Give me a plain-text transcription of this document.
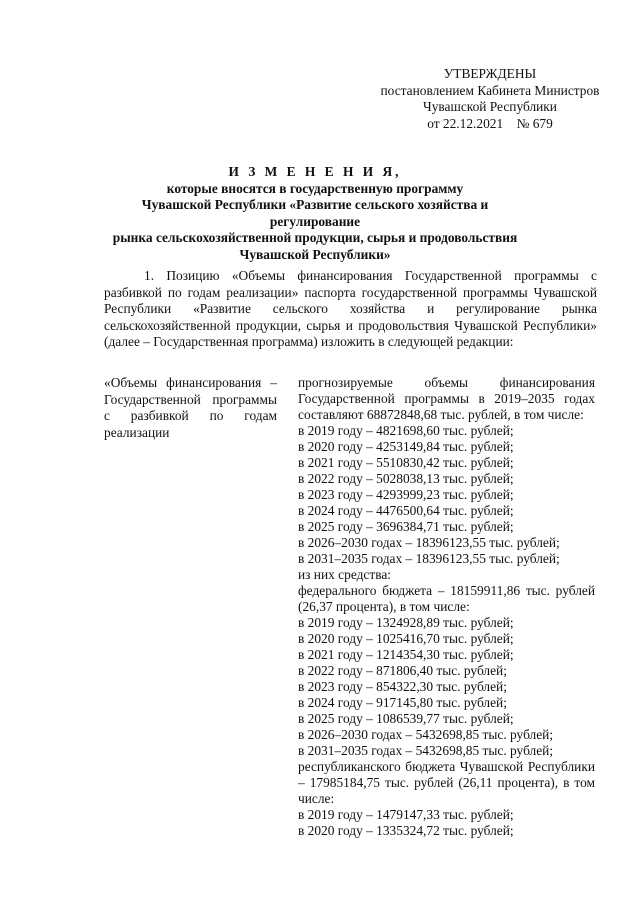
УТВЕРЖДЕНЫ
постановлением Кабинета Министров
Чувашской Республики
от 22.12.2021    № 679
И З М Е Н Е Н И Я,
которые вносятся в государственную программу
Чувашской Республики «Развитие сельского хозяйства и регулирование
рынка сельскохозяйственной продукции, сырья и продовольствия
Чувашской Республики»

1. Позицию «Объемы финансирования Государственной программы с разбивкой по годам реализации» паспорта государственной программы Чувашской Республики «Развитие сельского хозяйства и регулирование рынка сельскохозяйственной продукции, сырья и продовольствия Чувашской Республики» (далее – Государственная программа) изложить в следующей редакции:

«Объемы финансирования – Государственной программы с разбивкой по годам реализации
прогнозируемые объемы финансирования Государственной программы в 2019–2035 годах составляют 68872848,68 тыс. рублей, в том числе:
в 2019 году – 4821698,60 тыс. рублей;
в 2020 году – 4253149,84 тыс. рублей;
в 2021 году – 5510830,42 тыс. рублей;
в 2022 году – 5028038,13 тыс. рублей;
в 2023 году – 4293999,23 тыс. рублей;
в 2024 году – 4476500,64 тыс. рублей;
в 2025 году – 3696384,71 тыс. рублей;
в 2026–2030 годах – 18396123,55 тыс. рублей;
в 2031–2035 годах – 18396123,55 тыс. рублей;
из них средства:
федерального бюджета – 18159911,86 тыс. рублей (26,37 процента), в том числе:
в 2019 году – 1324928,89 тыс. рублей;
в 2020 году – 1025416,70 тыс. рублей;
в 2021 году – 1214354,30 тыс. рублей;
в 2022 году – 871806,40 тыс. рублей;
в 2023 году – 854322,30 тыс. рублей;
в 2024 году – 917145,80 тыс. рублей;
в 2025 году – 1086539,77 тыс. рублей;
в 2026–2030 годах – 5432698,85 тыс. рублей;
в 2031–2035 годах – 5432698,85 тыс. рублей;
республиканского бюджета Чувашской Республики – 17985184,75 тыс. рублей (26,11 процента), в том числе:
в 2019 году – 1479147,33 тыс. рублей;
в 2020 году – 1335324,72 тыс. рублей;
